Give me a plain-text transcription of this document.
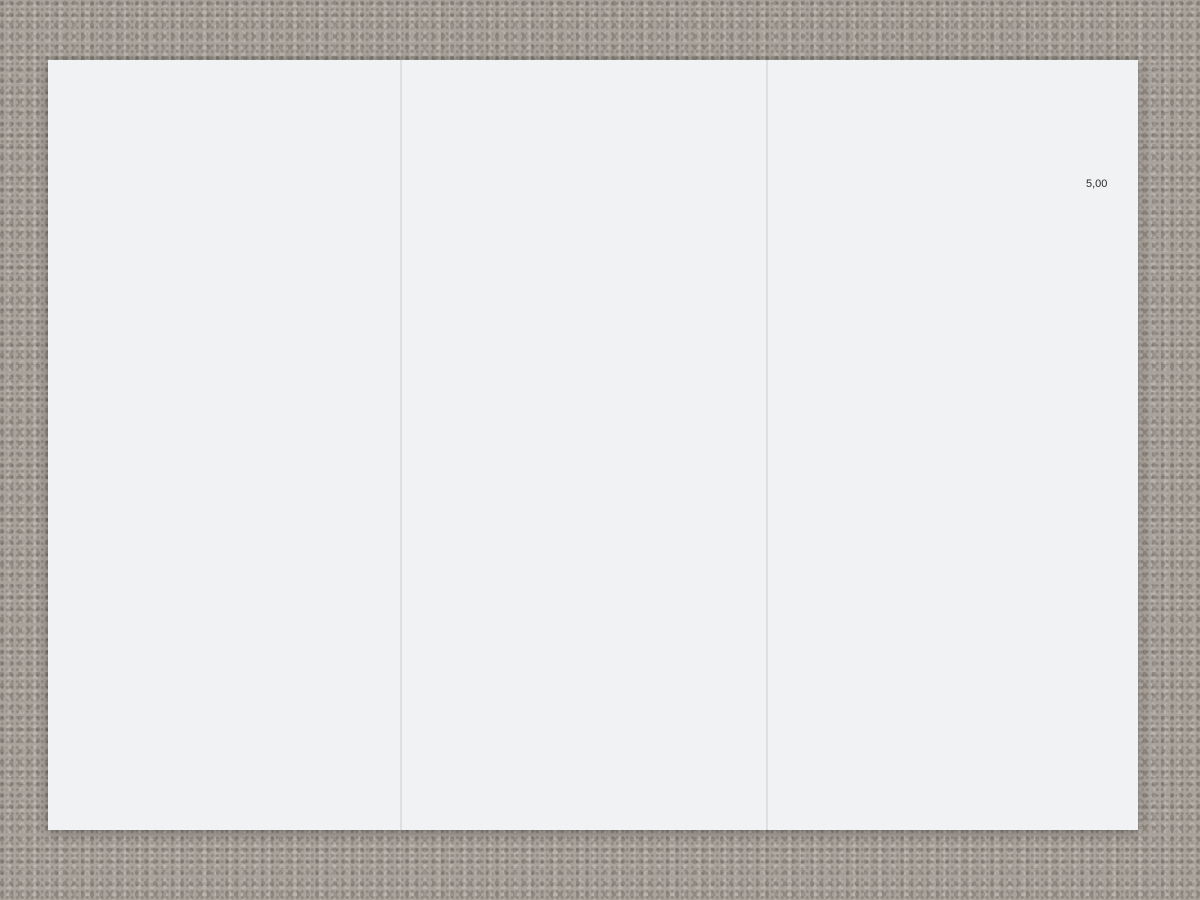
5,00
